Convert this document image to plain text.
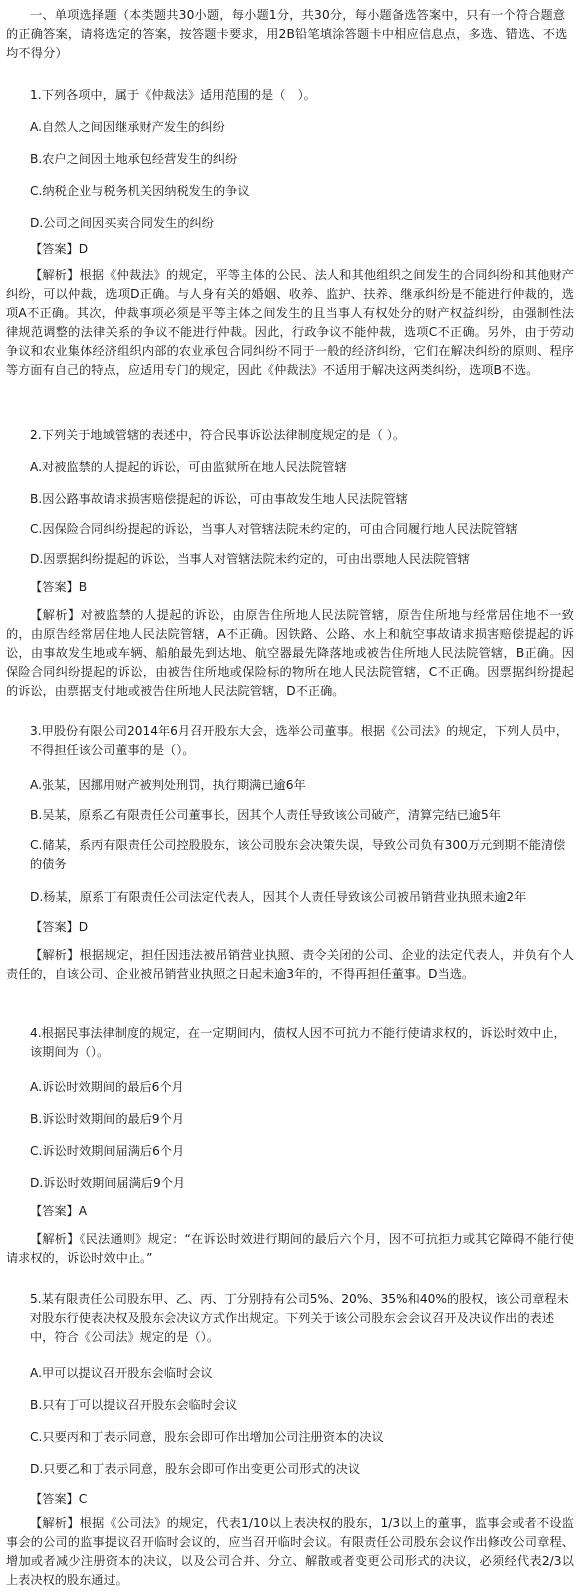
一、单项选择题（本类题共30小题，每小题1分，共30分，每小题备选答案中，只有一个符合题意的正确答案，请将选定的答案，按答题卡要求，用2B铅笔填涂答题卡中相应信息点，多选、错选、不选均不得分）

1.下列各项中，属于《仲裁法》适用范围的是（　）。

A.自然人之间因继承财产发生的纠纷

B.农户之间因土地承包经营发生的纠纷

C.纳税企业与税务机关因纳税发生的争议

D.公司之间因买卖合同发生的纠纷

【答案】D

【解析】根据《仲裁法》的规定，平等主体的公民、法人和其他组织之间发生的合同纠纷和其他财产纠纷，可以仲裁，选项D正确。与人身有关的婚姻、收养、监护、扶养、继承纠纷是不能进行仲裁的，选项A不正确。其次，仲裁事项必须是平等主体之间发生的且当事人有权处分的财产权益纠纷，由强制性法律规范调整的法律关系的争议不能进行仲裁。因此，行政争议不能仲裁，选项C不正确。另外，由于劳动争议和农业集体经济组织内部的农业承包合同纠纷不同于一般的经济纠纷，它们在解决纠纷的原则、程序等方面有自己的特点，应适用专门的规定，因此《仲裁法》不适用于解决这两类纠纷，选项B不选。

2.下列关于地域管辖的表述中，符合民事诉讼法律制度规定的是（ ）。

A.对被监禁的人提起的诉讼，可由监狱所在地人民法院管辖

B.因公路事故请求损害赔偿提起的诉讼，可由事故发生地人民法院管辖

C.因保险合同纠纷提起的诉讼，当事人对管辖法院未约定的，可由合同履行地人民法院管辖

D.因票据纠纷提起的诉讼，当事人对管辖法院未约定的，可由出票地人民法院管辖

【答案】B

【解析】对被监禁的人提起的诉讼，由原告住所地人民法院管辖，原告住所地与经常居住地不一致的，由原告经常居住地人民法院管辖，A不正确。因铁路、公路、水上和航空事故请求损害赔偿提起的诉讼，由事故发生地或车辆、船舶最先到达地、航空器最先降落地或被告住所地人民法院管辖，B正确。因保险合同纠纷提起的诉讼，由被告住所地或保险标的物所在地人民法院管辖，C不正确。因票据纠纷提起的诉讼，由票据支付地或被告住所地人民法院管辖，D不正确。

3.甲股份有限公司2014年6月召开股东大会，选举公司董事。根据《公司法》的规定，下列人员中，不得担任该公司董事的是（）。

A.张某，因挪用财产被判处刑罚，执行期满已逾6年

B.吴某，原系乙有限责任公司董事长，因其个人责任导致该公司破产，清算完结已逾5年

C.储某，系丙有限责任公司控股股东，该公司股东会决策失误，导致公司负有300万元到期不能清偿的债务

D.杨某，原系丁有限责任公司法定代表人，因其个人责任导致该公司被吊销营业执照未逾2年

【答案】D

【解析】根据规定，担任因违法被吊销营业执照、责令关闭的公司、企业的法定代表人，并负有个人责任的，自该公司、企业被吊销营业执照之日起未逾3年的，不得再担任董事。D当选。

4.根据民事法律制度的规定，在一定期间内，债权人因不可抗力不能行使请求权的，诉讼时效中止，该期间为（）。

A.诉讼时效期间的最后6个月

B.诉讼时效期间的最后9个月

C.诉讼时效期间届满后6个月

D.诉讼时效期间届满后9个月

【答案】A

【解析】《民法通则》规定：“在诉讼时效进行期间的最后六个月，因不可抗拒力或其它障碍不能行使请求权的，诉讼时效中止。”

5.某有限责任公司股东甲、乙、丙、丁分别持有公司5%、20%、35%和40%的股权，该公司章程未对股东行使表决权及股东会决议方式作出规定。下列关于该公司股东会会议召开及决议作出的表述中，符合《公司法》规定的是（）。

A.甲可以提议召开股东会临时会议

B.只有丁可以提议召开股东会临时会议

C.只要丙和丁表示同意，股东会即可作出增加公司注册资本的决议

D.只要乙和丁表示同意，股东会即可作出变更公司形式的决议

【答案】C

【解析】根据《公司法》的规定，代表1/10以上表决权的股东，1/3以上的董事，监事会或者不设监事会的公司的监事提议召开临时会议的，应当召开临时会议。有限责任公司股东会议作出修改公司章程、增加或者减少注册资本的决议，以及公司合并、分立、解散或者变更公司形式的决议，必须经代表2/3以上表决权的股东通过。
